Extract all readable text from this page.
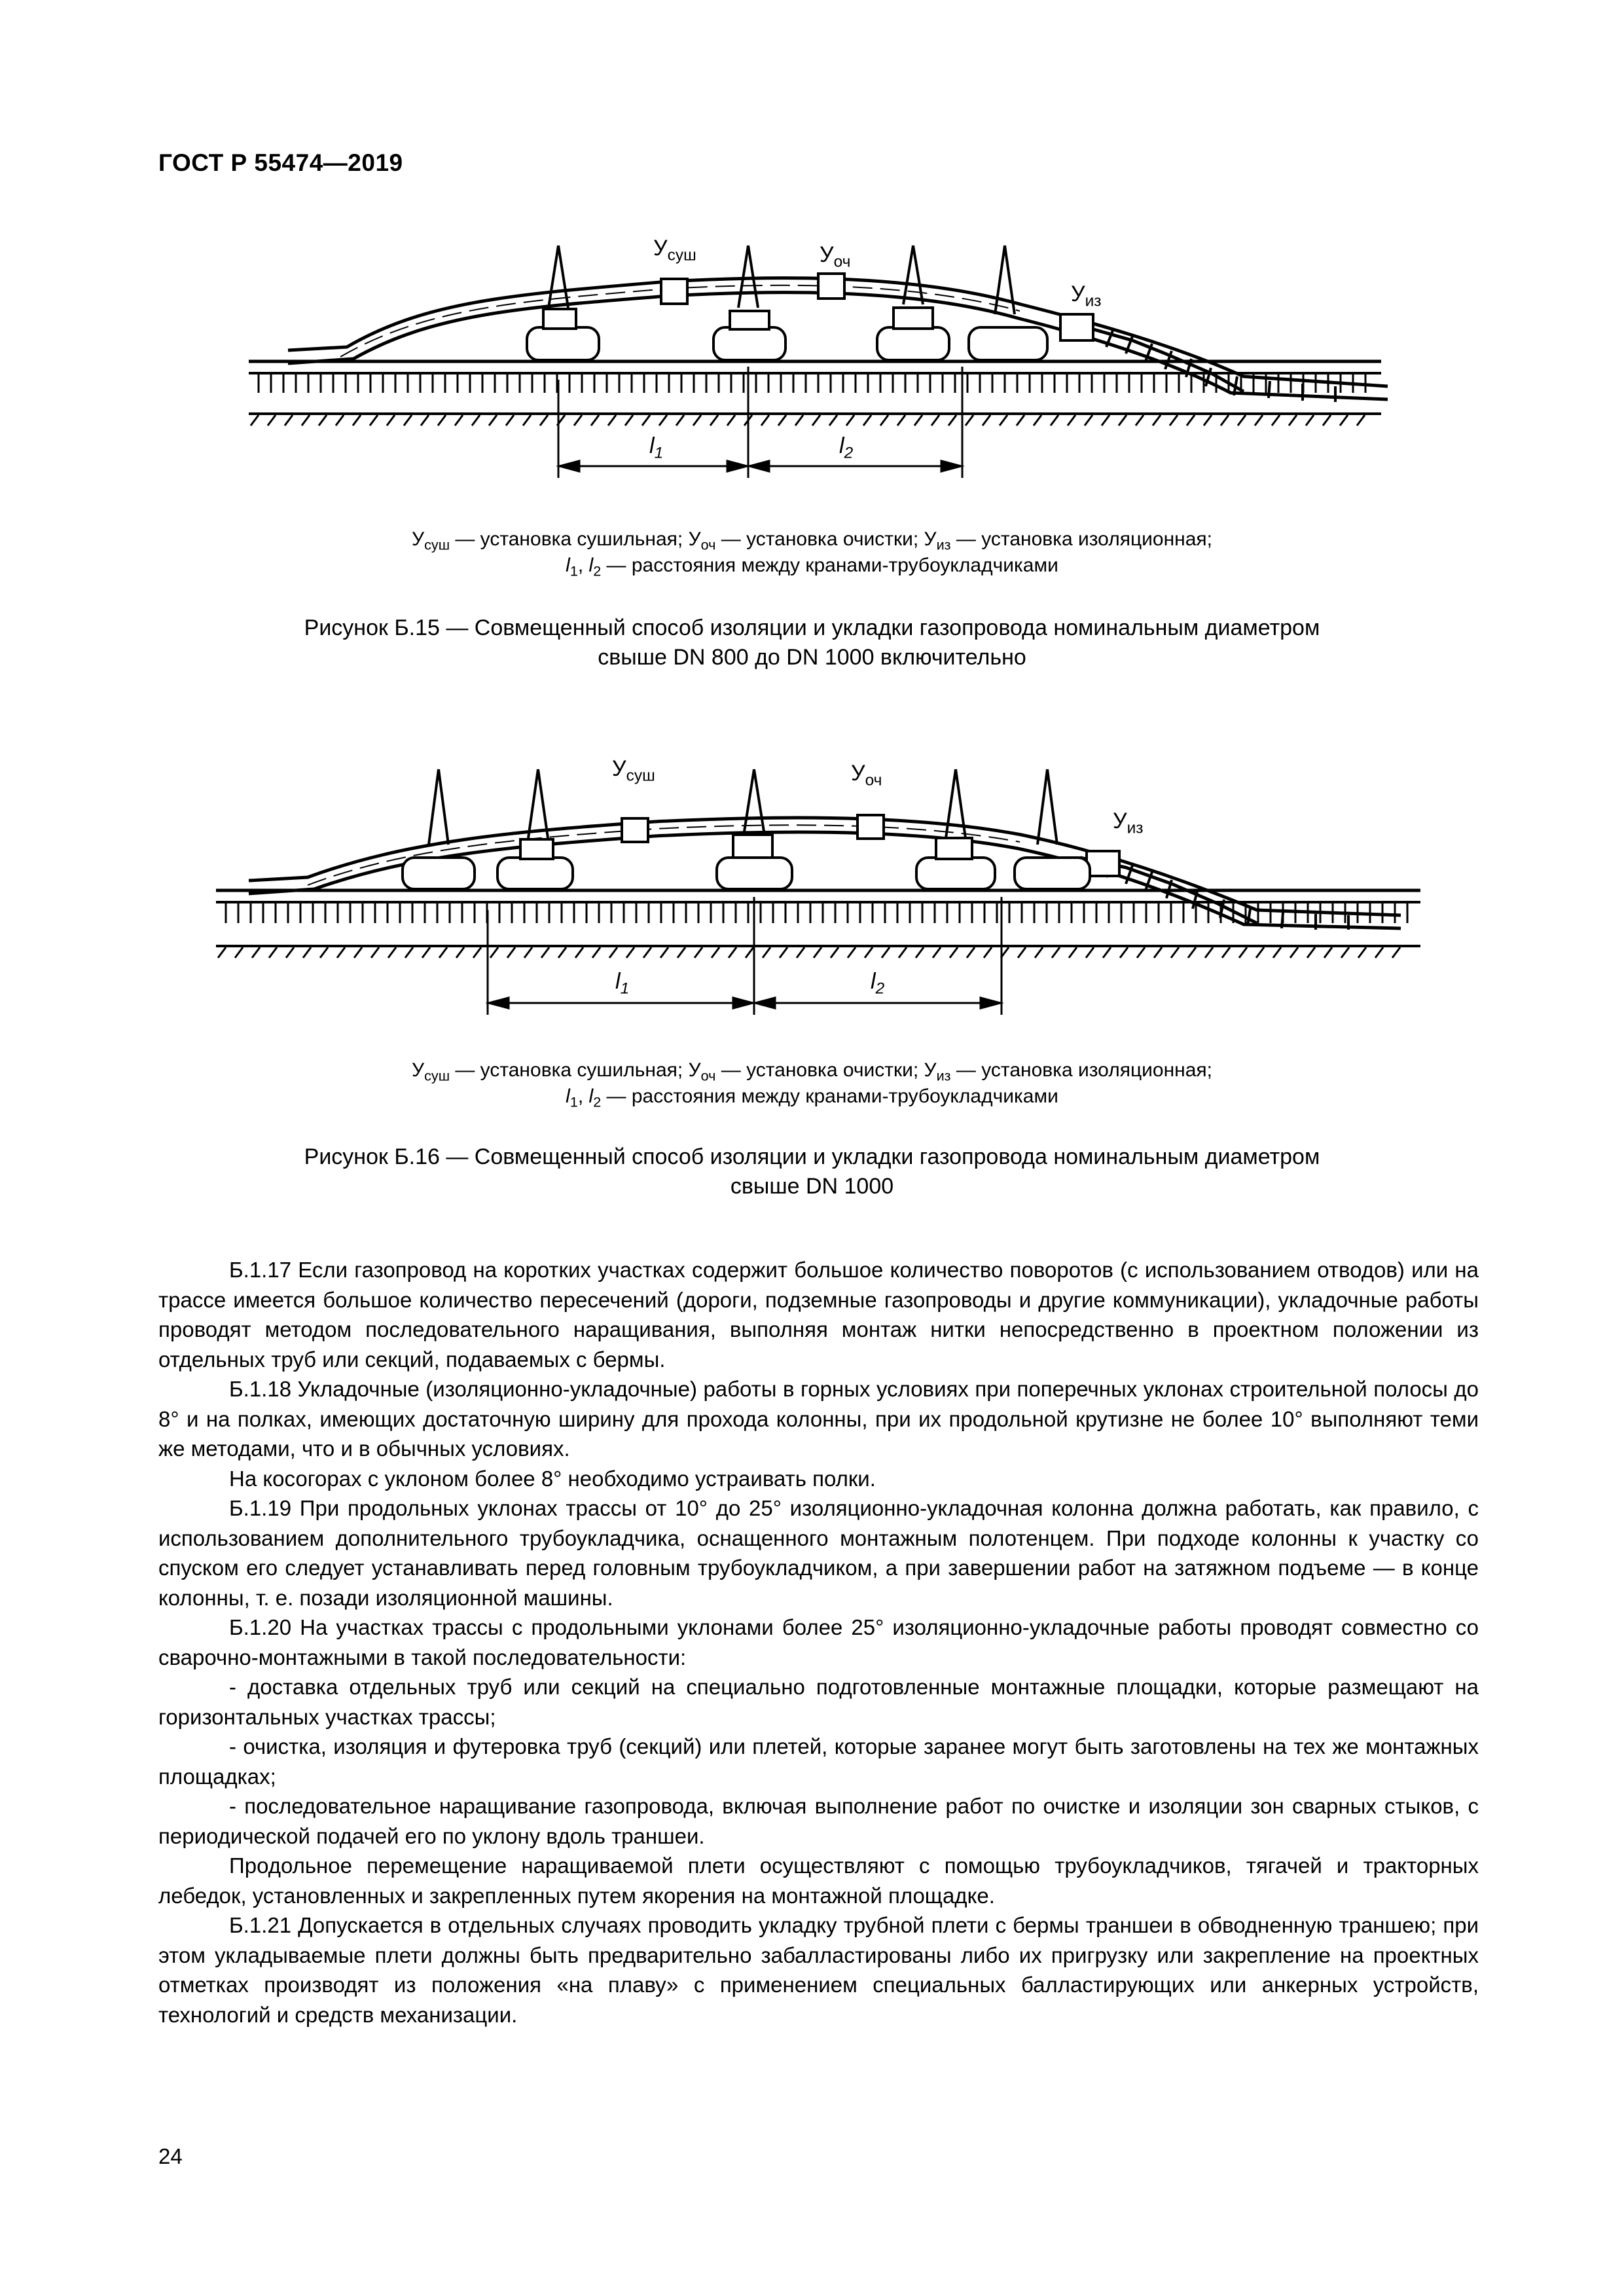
ГОСТ Р 55474—2019
$У_{суш}$	$У_{оч}$
$У_{из}$
$l_1$	$l_2$
$У_{суш}$ — установка сушильная; $У_{оч}$ — установка очистки; $У_{из}$ — установка изоляционная;
$l_1$, $l_2$ — расстояния между кранами-трубоукладчиками
Рисунок Б.15 — Совмещенный способ изоляции и укладки газопровода номинальным диаметром
свыше DN 800 до DN 1000 включительно
$У_{суш}$	$У_{оч}$
$У_{из}$
$l_1$	$l_2$
$У_{суш}$ — установка сушильная; $У_{оч}$ — установка очистки; $У_{из}$ — установка изоляционная;
$l_1$, $l_2$ — расстояния между кранами-трубоукладчиками
Рисунок Б.16 — Совмещенный способ изоляции и укладки газопровода номинальным диаметром
свыше DN 1000

Б.1.17 Если газопровод на коротких участках содержит большое количество поворотов (с использованием отводов) или на трассе имеется большое количество пересечений (дороги, подземные газопроводы и другие коммуникации), укладочные работы проводят методом последовательного наращивания, выполняя монтаж нитки непосредственно в проектном положении из отдельных труб или секций, подаваемых с бермы.

Б.1.18 Укладочные (изоляционно-укладочные) работы в горных условиях при поперечных уклонах строительной полосы до 8° и на полках, имеющих достаточную ширину для прохода колонны, при их продольной крутизне не более 10° выполняют теми же методами, что и в обычных условиях.

На косогорах с уклоном более 8° необходимо устраивать полки.

Б.1.19 При продольных уклонах трассы от 10° до 25° изоляционно-укладочная колонна должна работать, как правило, с использованием дополнительного трубоукладчика, оснащенного монтажным полотенцем. При подходе колонны к участку со спуском его следует устанавливать перед головным трубоукладчиком, а при завершении работ на затяжном подъеме — в конце колонны, т. е. позади изоляционной машины.

Б.1.20 На участках трассы с продольными уклонами более 25° изоляционно-укладочные работы проводят совместно со сварочно-монтажными в такой последовательности:

- доставка отдельных труб или секций на специально подготовленные монтажные площадки, которые размещают на горизонтальных участках трассы;

- очистка, изоляция и футеровка труб (секций) или плетей, которые заранее могут быть заготовлены на тех же монтажных площадках;

- последовательное наращивание газопровода, включая выполнение работ по очистке и изоляции зон сварных стыков, с периодической подачей его по уклону вдоль траншеи.

Продольное перемещение наращиваемой плети осуществляют с помощью трубоукладчиков, тягачей и тракторных лебедок, установленных и закрепленных путем якорения на монтажной площадке.

Б.1.21 Допускается в отдельных случаях проводить укладку трубной плети с бермы траншеи в обводненную траншею; при этом укладываемые плети должны быть предварительно забалластированы либо их пригрузку или закрепление на проектных отметках производят из положения «на плаву» с применением специальных балластирующих или анкерных устройств, технологий и средств механизации.

24
